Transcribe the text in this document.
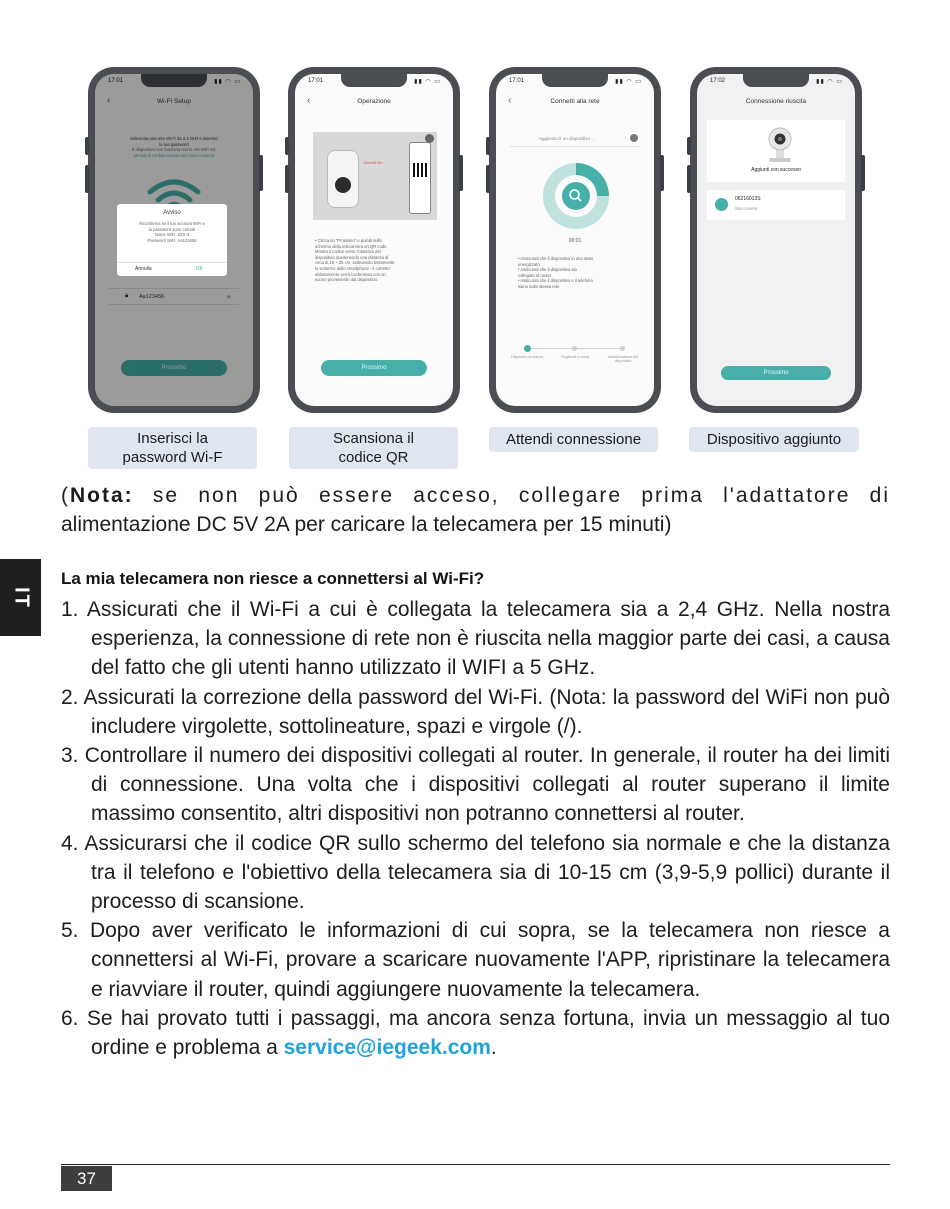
17:01	▮▮ ◠ ▭
‹	Wi-Fi Setup
Seleziona una rete Wi-Fi da 2,4 GHz e inserisci
la tua password
Il dispositivo non funziona con le reti WiFi 5G
Metodi di configurazione del router comune
🔒︎ Aa123456	◉
Prossimo
Avviso
Riconferma se il tuo account WiFi e
la password sono corretti
Nome WiFi: ZZX-3
Password WiFi: Aa123456
Annulla	OK
17:01	▮▮ ◠ ▭
‹	Operazione
15cm/5.9in
• Clicca su "Prossimo" e quindi sullo
schermo della telecamera un QR code.
Mostra il codice verso l'obiettivo del
dispositivo mantenendo una distanza di
circa di 15 ~ 25 cm, sollevando lentamente
lo schermo dello smartphone - il corretto
abbinamento verrà confermato con un
suono proveniente dal dispositivo.
Prossimo
17:01	▮▮ ◠ ▭
‹	Connetti alla rete
Aggiunta di un dispositivo ...
00:01
• Assicurati che il dispositivo in uno stato
energizzato
• Assicurati che il dispositivo sia
collegato al router
• Assicurati che il dispositivo e il telefono
siano sulla stessa rete
Dispositivi di ricerca	Registrati a cloud	Inizializzazione del dispositivo
17:02	▮▮ ◠ ▭
Connessione riuscita
Aggiunti con successo
06216013S
Mia camera
Prossimo
Inserisci la
password Wi-F
Scansiona il
codice QR
Attendi connessione	Dispositivo aggiunto
(Nota: se non può essere acceso, collegare prima l'adattatore di
alimentazione DC 5V 2A per caricare la telecamera per 15 minuti)
IT
La mia telecamera non riesce a connettersi al Wi-Fi?
1. Assicurati che il Wi-Fi a cui è collegata la telecamera sia a 2,4 GHz. Nella nostra esperienza, la connessione di rete non è riuscita nella maggior parte dei casi, a causa del fatto che gli utenti hanno utilizzato il WIFI a 5 GHz.
2. Assicurati la correzione della password del Wi-Fi. (Nota: la password del WiFi non può includere virgolette, sottolineature, spazi e virgole (/).
3. Controllare il numero dei dispositivi collegati al router. In generale, il router ha dei limiti di connessione. Una volta che i dispositivi collegati al router superano il limite massimo consentito, altri dispositivi non potranno connettersi al router.
4. Assicurarsi che il codice QR sullo schermo del telefono sia normale e che la distanza tra il telefono e l'obiettivo della telecamera sia di 10-15 cm (3,9-5,9 pollici) durante il processo di scansione.
5. Dopo aver verificato le informazioni di cui sopra, se la telecamera non riesce a connettersi al Wi-Fi, provare a scaricare nuovamente l'APP, ripristinare la telecamera e riavviare il router, quindi aggiungere nuovamente la telecamera.
6. Se hai provato tutti i passaggi, ma ancora senza fortuna, invia un messaggio al tuo ordine e problema a service@iegeek.com.
37
